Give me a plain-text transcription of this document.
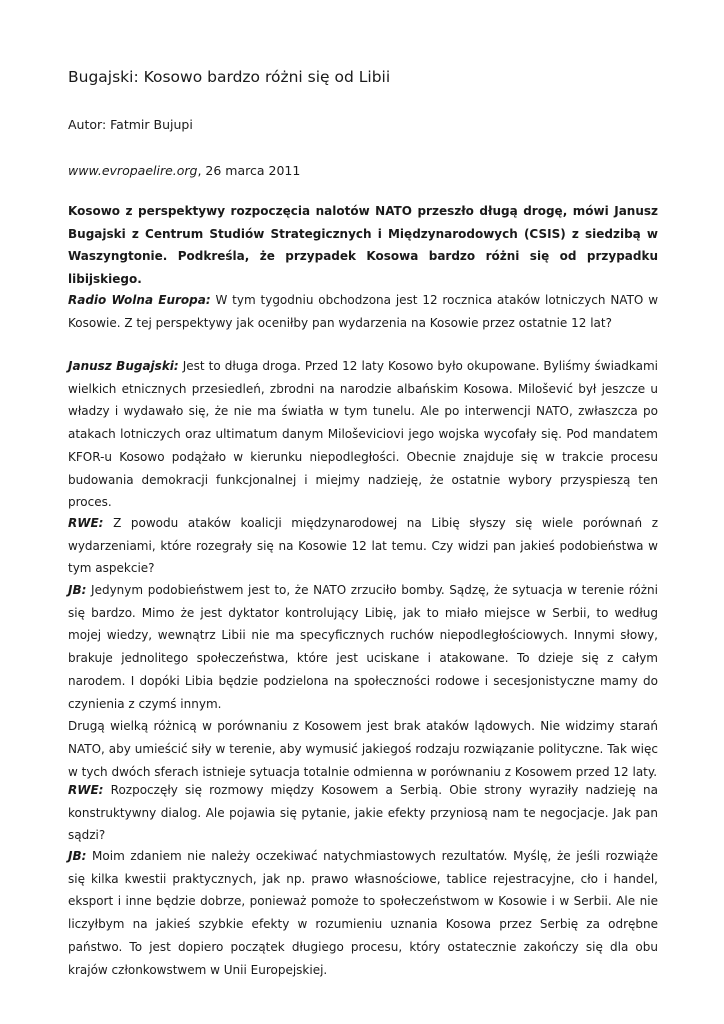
Bugajski: Kosowo bardzo różni się od Libii
Autor: Fatmir Bujupi
www.evropaelire.org, 26 marca 2011

Kosowo z perspektywy rozpoczęcia nalotów NATO przeszło długą drogę, mówi Janusz Bugajski z Centrum Studiów Strategicznych i Międzynarodowych (CSIS) z siedzibą w Waszyngtonie. Podkreśla, że przypadek Kosowa bardzo różni się od przypadku libijskiego.

Radio Wolna Europa: W tym tygodniu obchodzona jest 12 rocznica ataków lotniczych NATO w Kosowie. Z tej perspektywy jak oceniłby pan wydarzenia na Kosowie przez ostatnie 12 lat?

Janusz Bugajski: Jest to długa droga. Przed 12 laty Kosowo było okupowane. Byliśmy świadkami wielkich etnicznych przesiedleń, zbrodni na narodzie albańskim Kosowa. Milošević był jeszcze u władzy i wydawało się, że nie ma światła w tym tunelu. Ale po interwencji NATO, zwłaszcza po atakach lotniczych oraz ultimatum danym Miloševiciovi jego wojska wycofały się. Pod mandatem KFOR-u Kosowo podążało w kierunku niepodległości. Obecnie znajduje się w trakcie procesu budowania demokracji funkcjonalnej i miejmy nadzieję, że ostatnie wybory przyspieszą ten proces.

RWE: Z powodu ataków koalicji międzynarodowej na Libię słyszy się wiele porównań z wydarzeniami, które rozegrały się na Kosowie 12 lat temu. Czy widzi pan jakieś podobieństwa w tym aspekcie?

JB: Jedynym podobieństwem jest to, że NATO zrzuciło bomby. Sądzę, że sytuacja w terenie różni się bardzo. Mimo że jest dyktator kontrolujący Libię, jak to miało miejsce w Serbii, to według mojej wiedzy, wewnątrz Libii nie ma specyficznych ruchów niepodległościowych. Innymi słowy, brakuje jednolitego społeczeństwa, które jest uciskane i atakowane. To dzieje się z całym narodem. I dopóki Libia będzie podzielona na społeczności rodowe i secesjonistyczne mamy do czynienia z czymś innym.
Drugą wielką różnicą w porównaniu z Kosowem jest brak ataków lądowych. Nie widzimy starań NATO, aby umieścić siły w terenie, aby wymusić jakiegoś rodzaju rozwiązanie polityczne. Tak więc w tych dwóch sferach istnieje sytuacja totalnie odmienna w porównaniu z Kosowem przed 12 laty.

RWE: Rozpoczęły się rozmowy między Kosowem a Serbią. Obie strony wyraziły nadzieję na konstruktywny dialog. Ale pojawia się pytanie, jakie efekty przyniosą nam te negocjacje. Jak pan sądzi?

JB: Moim zdaniem nie należy oczekiwać natychmiastowych rezultatów. Myślę, że jeśli rozwiąże się kilka kwestii praktycznych, jak np. prawo własnościowe, tablice rejestracyjne, cło i handel, eksport i inne będzie dobrze, ponieważ pomoże to społeczeństwom w Kosowie i w Serbii. Ale nie liczyłbym na jakieś szybkie efekty w rozumieniu uznania Kosowa przez Serbię za odrębne państwo. To jest dopiero początek długiego procesu, który ostatecznie zakończy się dla obu krajów członkowstwem w Unii Europejskiej.
